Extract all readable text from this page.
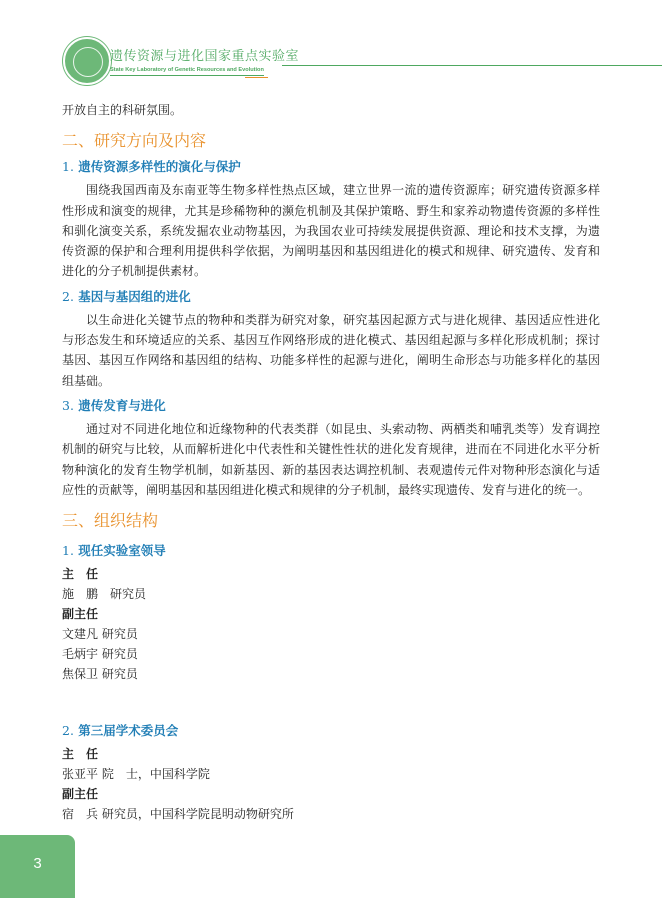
遗传资源与进化国家重点实验室
State Key Laboratory of Genetic Resources and Evolution
开放自主的科研氛围。
二、研究方向及内容
1. 遗传资源多样性的演化与保护
围绕我国西南及东南亚等生物多样性热点区域，建立世界一流的遗传资源库；研究遗传资源多样性形成和演变的规律，尤其是珍稀物种的濒危机制及其保护策略、野生和家养动物遗传资源的多样性和驯化演变关系，系统发掘农业动物基因，为我国农业可持续发展提供资源、理论和技术支撑，为遗传资源的保护和合理利用提供科学依据，为阐明基因和基因组进化的模式和规律、研究遗传、发育和进化的分子机制提供素材。
2. 基因与基因组的进化
以生命进化关键节点的物种和类群为研究对象，研究基因起源方式与进化规律、基因适应性进化与形态发生和环境适应的关系、基因互作网络形成的进化模式、基因组起源与多样化形成机制；探讨基因、基因互作网络和基因组的结构、功能多样性的起源与进化，阐明生命形态与功能多样化的基因组基础。
3. 遗传发育与进化
通过对不同进化地位和近缘物种的代表类群（如昆虫、头索动物、两栖类和哺乳类等）发育调控机制的研究与比较，从而解析进化中代表性和关键性性状的进化发育规律，进而在不同进化水平分析物种演化的发育生物学机制，如新基因、新的基因表达调控机制、表观遗传元件对物种形态演化与适应性的贡献等，阐明基因和基因组进化模式和规律的分子机制，最终实现遗传、发育与进化的统一。
三、组织结构
1. 现任实验室领导
主　任
施　鹏　研究员
副主任
文建凡 研究员
毛炳宇 研究员
焦保卫 研究员
2. 第三届学术委员会
主　任
张亚平 院　士，中国科学院
副主任
宿　兵 研究员，中国科学院昆明动物研究所
3
